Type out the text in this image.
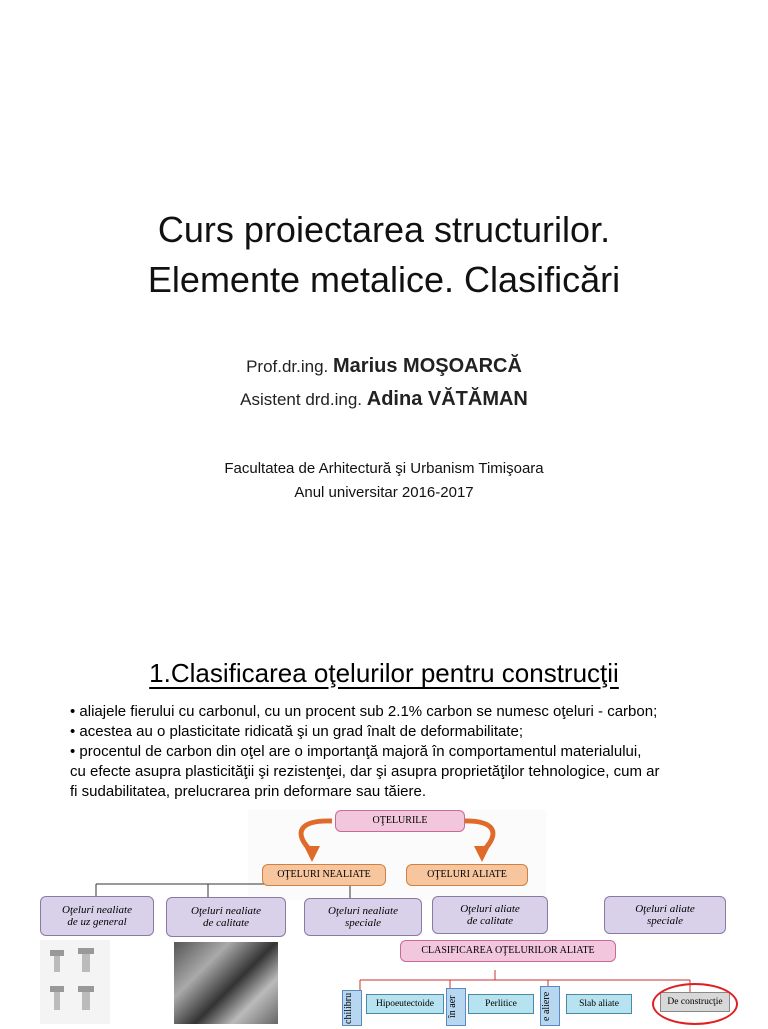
Curs proiectarea structurilor.
Elemente metalice. Clasificări
Prof.dr.ing. Marius MOŞOARCĂ
Asistent drd.ing. Adina VĂTĂMAN
Facultatea de Arhitectură şi Urbanism Timişoara
Anul universitar 2016-2017
1.Clasificarea oţelurilor pentru construcţii

• aliajele fierului cu carbonul, cu un procent sub 2.1% carbon se numesc oţeluri - carbon;

• acestea au o plasticitate ridicată şi un grad înalt de deformabilitate;

• procentul de carbon din oţel are o importanţă majoră în comportamentul materialului,

cu efecte asupra plasticităţii şi rezistenţei, dar şi asupra proprietăţilor tehnologice, cum ar

fi sudabilitatea, prelucrarea prin deformare sau tăiere.

OŢELURILE
OŢELURI NEALIATE	OŢELURI ALIATE
Oţeluri nealiate
de uz general
Oţeluri nealiate
de calitate
Oţeluri nealiate
speciale
Oţeluri aliate
de calitate
Oţeluri aliate
speciale
CLASIFICAREA OŢELURILOR ALIATE
chilibru	Hipoeutectoide	în aer	Perlitice	e aliere	Slab aliate	De construcţie
